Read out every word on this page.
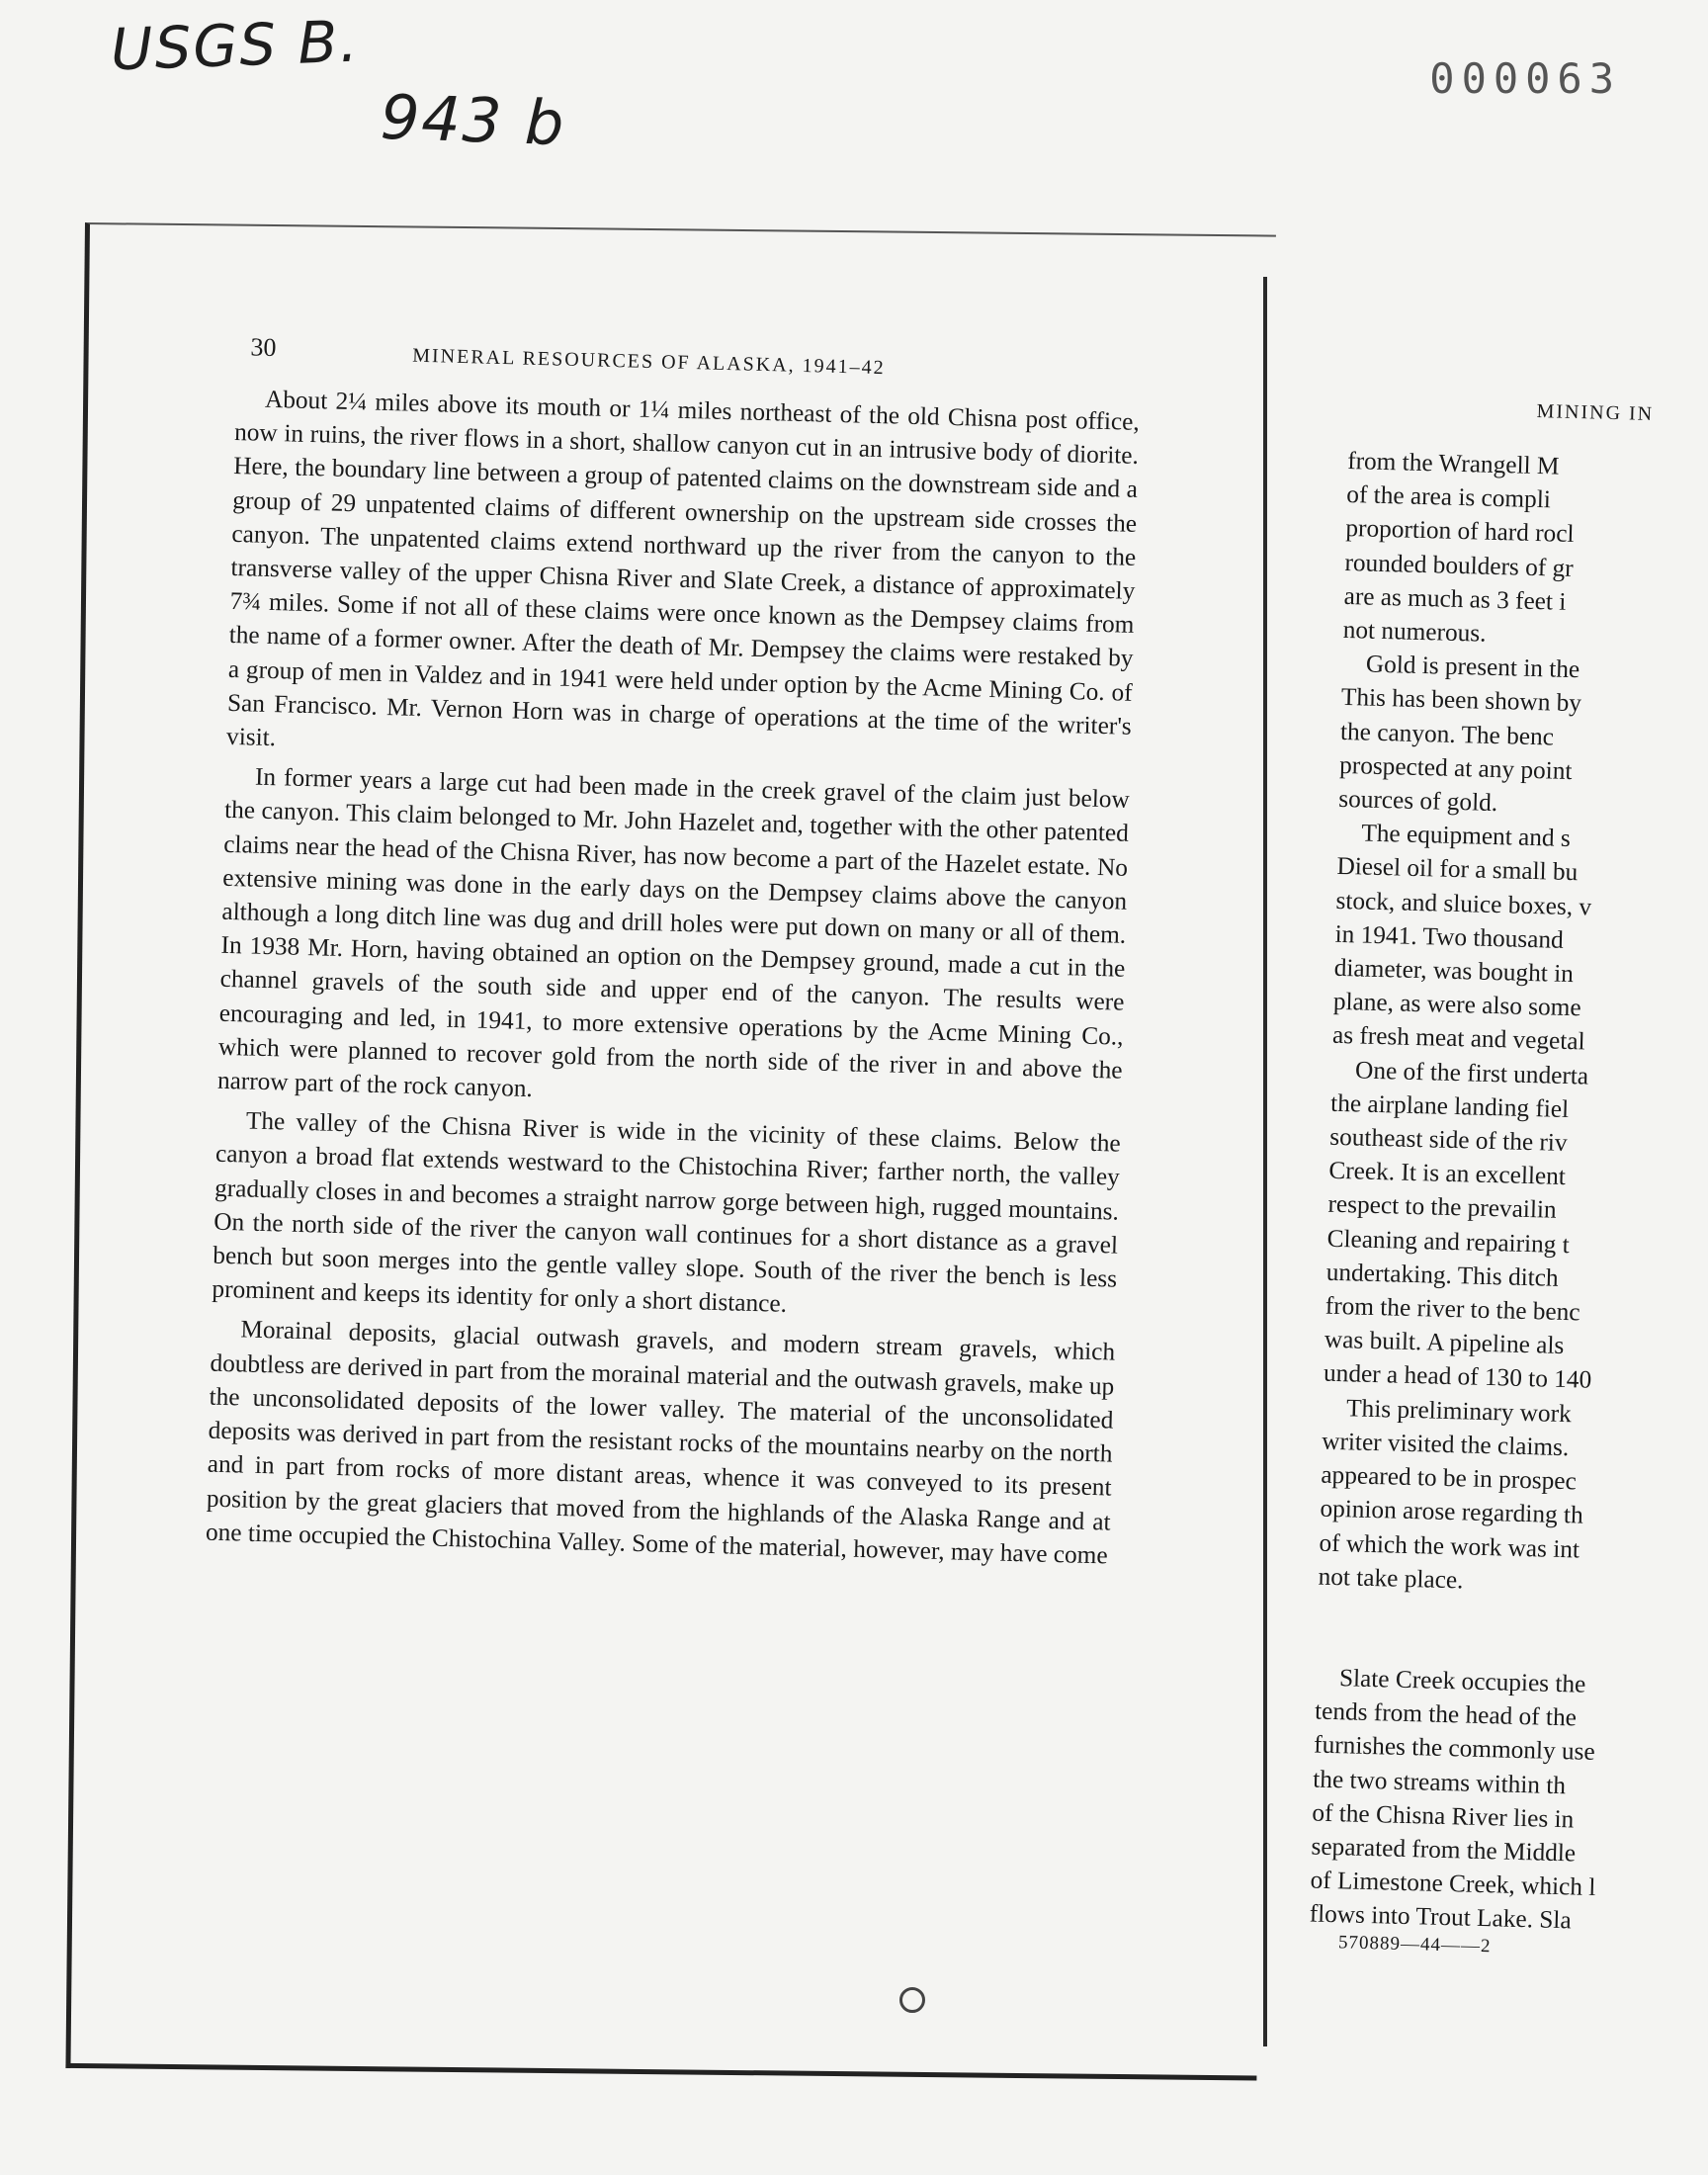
USGS B.
943 b
000063
30	MINERAL RESOURCES OF ALASKA, 1941–42

About 2¼ miles above its mouth or 1¼ miles northeast of the old Chisna post office, now in ruins, the river flows in a short, shallow canyon cut in an intrusive body of diorite. Here, the boundary line between a group of patented claims on the downstream side and a group of 29 unpatented claims of different ownership on the upstream side crosses the canyon. The unpatented claims extend northward up the river from the canyon to the transverse valley of the upper Chisna River and Slate Creek, a distance of approximately 7¾ miles. Some if not all of these claims were once known as the Dempsey claims from the name of a former owner. After the death of Mr. Dempsey the claims were restaked by a group of men in Valdez and in 1941 were held under option by the Acme Mining Co. of San Francisco. Mr. Vernon Horn was in charge of operations at the time of the writer's visit.

In former years a large cut had been made in the creek gravel of the claim just below the canyon. This claim belonged to Mr. John Hazelet and, together with the other patented claims near the head of the Chisna River, has now become a part of the Hazelet estate. No extensive mining was done in the early days on the Dempsey claims above the canyon although a long ditch line was dug and drill holes were put down on many or all of them. In 1938 Mr. Horn, having obtained an option on the Dempsey ground, made a cut in the channel gravels of the south side and upper end of the canyon. The results were encouraging and led, in 1941, to more extensive operations by the Acme Mining Co., which were planned to recover gold from the north side of the river in and above the narrow part of the rock canyon.

The valley of the Chisna River is wide in the vicinity of these claims. Below the canyon a broad flat extends westward to the Chistochina River; farther north, the valley gradually closes in and becomes a straight narrow gorge between high, rugged mountains. On the north side of the river the canyon wall continues for a short distance as a gravel bench but soon merges into the gentle valley slope. South of the river the bench is less prominent and keeps its identity for only a short distance.

Morainal deposits, glacial outwash gravels, and modern stream gravels, which doubtless are derived in part from the morainal material and the outwash gravels, make up the unconsolidated deposits of the lower valley. The material of the unconsolidated deposits was derived in part from the resistant rocks of the mountains nearby on the north and in part from rocks of more distant areas, whence it was conveyed to its present position by the great glaciers that moved from the highlands of the Alaska Range and at one time occupied the Chistochina Valley. Some of the material, however, may have come

MINING IN
from the Wrangell M
of the area is compli
proportion of hard rocl
rounded boulders of gr
are as much as 3 feet i
not numerous.
Gold is present in the
This has been shown by
the canyon. The benc
prospected at any point
sources of gold.
The equipment and s
Diesel oil for a small bu
stock, and sluice boxes, v
in 1941. Two thousand
diameter, was bought in
plane, as were also some
as fresh meat and vegetal
One of the first underta
the airplane landing fiel
southeast side of the riv
Creek. It is an excellent
respect to the prevailin
Cleaning and repairing t
undertaking. This ditch
from the river to the benc
was built. A pipeline als
under a head of 130 to 140
This preliminary work
writer visited the claims.
appeared to be in prospec
opinion arose regarding th
of which the work was int
not take place.
Slate Creek occupies the
tends from the head of the
furnishes the commonly use
the two streams within th
of the Chisna River lies in
separated from the Middle
of Limestone Creek, which l
flows into Trout Lake. Sla
570889—44——2
